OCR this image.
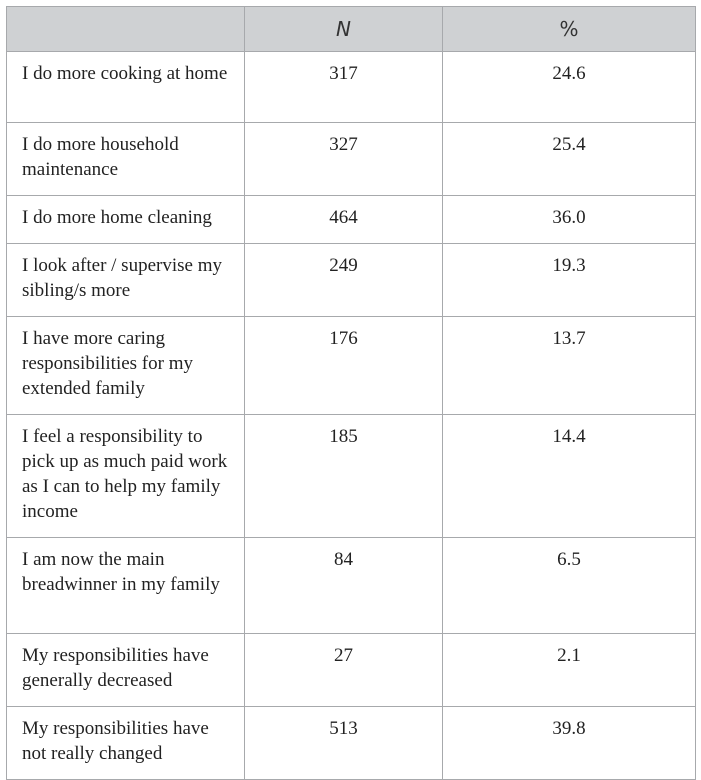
	N	%
I do more cooking at home	317	24.6
I do more household maintenance	327	25.4
I do more home cleaning	464	36.0
I look after / supervise my sibling/s more	249	19.3
I have more caring responsibilities for my extended family	176	13.7
I feel a responsibility to pick up as much paid work as I can to help my family income	185	14.4
I am now the main breadwinner in my family	84	6.5
My responsibilities have generally decreased	27	2.1
My responsibilities have not really changed	513	39.8
